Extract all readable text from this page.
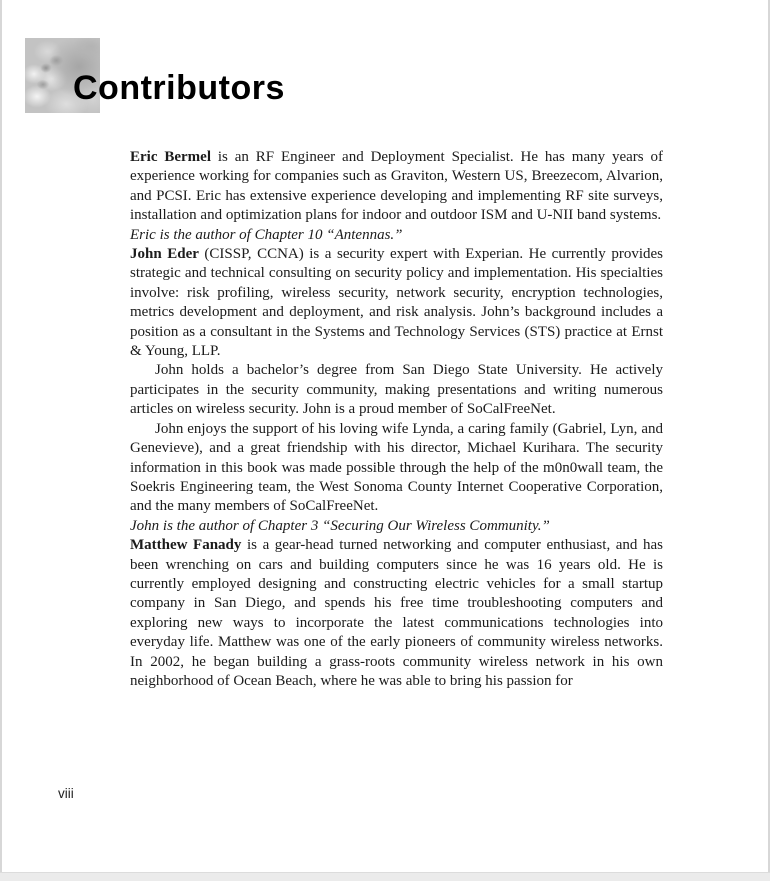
Contributors

Eric Bermel is an RF Engineer and Deployment Specialist. He has many years of experience working for companies such as Graviton, Western US, Breezecom, Alvarion, and PCSI. Eric has extensive experience developing and implementing RF site surveys, installation and optimization plans for indoor and outdoor ISM and U-NII band systems.

Eric is the author of Chapter 10 “Antennas.”

John Eder (CISSP, CCNA) is a security expert with Experian. He currently provides strategic and technical consulting on security policy and implementation. His specialties involve: risk profiling, wireless security, network security, encryption technologies, metrics development and deployment, and risk analysis. John’s background includes a position as a consultant in the Systems and Technology Services (STS) practice at Ernst & Young, LLP.

John holds a bachelor’s degree from San Diego State University. He actively participates in the security community, making presentations and writing numerous articles on wireless security. John is a proud member of SoCalFreeNet.

John enjoys the support of his loving wife Lynda, a caring family (Gabriel, Lyn, and Genevieve), and a great friendship with his director, Michael Kurihara. The security information in this book was made possible through the help of the m0n0wall team, the Soekris Engineering team, the West Sonoma County Internet Cooperative Corporation, and the many members of SoCalFreeNet.

John is the author of Chapter 3 “Securing Our Wireless Community.”

Matthew Fanady is a gear-head turned networking and computer enthusiast, and has been wrenching on cars and building computers since he was 16 years old. He is currently employed designing and constructing electric vehicles for a small startup company in San Diego, and spends his free time troubleshooting computers and exploring new ways to incorporate the latest communications technologies into everyday life. Matthew was one of the early pioneers of community wireless networks. In 2002, he began building a grass-roots community wireless network in his own neighborhood of Ocean Beach, where he was able to bring his passion for

viii
